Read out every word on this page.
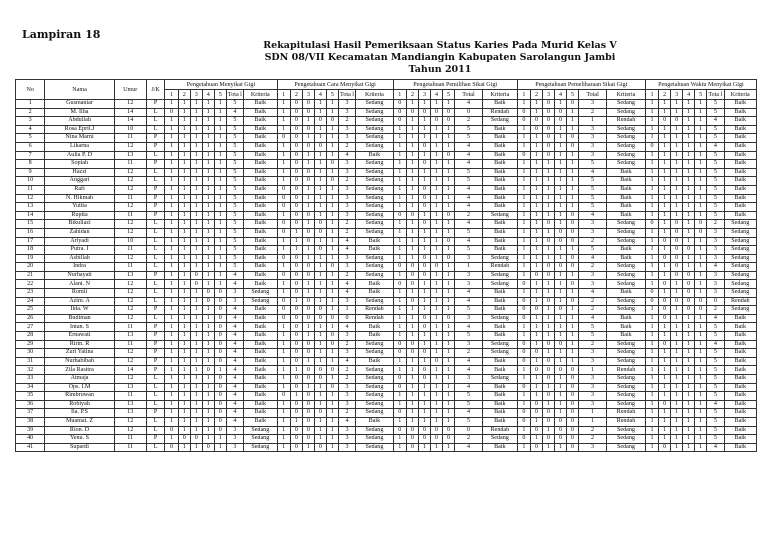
Lampiran 18
Rekapitulasi Hasil Pemeriksaan Status Karies Pada Murid Kelas V
SDN 08/VII Kecamatan Mandiangin Kabupaten Sarolangun Jambi
Tahun 2011
No	Nama	Umur	J/K	Pengetahuan Menyikat Gigi							Pengetahuan Cara Menyikat Gigi							Pengetahuan Pemilihan Sikat Gigi							Pengetahuan Pemeliharaan Sikat Gigi							Pengetahuan Waktu Menyikat Gigi						
				1	2	3	4	5	Tota l	Kriteria	1	2	3	4	5	Tota l	Kriteria	1	2	3	4	5	Total	Kriteria	1	2	3	4	5	Total	Kriteria	1	2	3	4	5	Tota l	Kriteria
1	Gusmaniar	12	P	1	1	1	1	1	5	Baik	1	0	0	1	1	3	Sedang	0	1	1	1	1	4	Baik	1	1	0	1	0	3	Sedang	1	1	1	1	1	5	Baik
2	M. Ilha	14	L	0	1	1	1	1	4	Baik	1	0	0	1	1	3	Sedang	0	0	0	0	0	0	Rendah	0	1	0	0	1	2	Sedang	1	1	1	1	1	5	Baik
3	Abdullah	14	L	1	1	1	1	1	5	Baik	1	0	1	0	0	2	Sedang	0	1	1	0	0	2	Sedang	0	0	0	0	1	1	Rendah	1	0	0	1	1	4	Baik
4	Rosa Epril.J	10	L	1	1	1	1	1	5	Baik	1	0	0	1	1	3	Sedang	1	1	1	1	1	5	Baik	1	0	0	1	1	3	Sedang	1	1	1	1	1	5	Baik
5	Nina Marni	11	P	1	1	1	1	1	5	Baik	0	0	1	1	1	3	Sedang	1	1	1	1	1	5	Baik	1	1	0	1	0	3	Sedang	1	1	1	1	1	5	Baik
6	Likarna	12	P	1	1	1	1	1	5	Baik	1	0	0	0	1	2	Sedang	1	1	0	1	1	4	Baik	1	1	0	1	0	3	Sedang	0	1	1	1	1	4	Baik
7	Aulia P. D	13	L	1	1	1	1	1	5	Baik	1	0	1	1	1	4	Baik	1	1	1	1	0	4	Baik	0	1	0	1	1	3	Sedang	1	1	1	1	1	5	Baik
8	Sopiah	11	P	1	1	1	1	1	5	Baik	1	0	1	1	0	3	Sedang	1	1	0	1	1	4	Baik	1	1	1	1	1	5	Sedang	1	1	1	1	1	5	Baik
9	Hazzi	12	L	1	1	1	1	1	5	Baik	1	0	0	1	1	3	Sedang	1	1	1	1	1	5	Baik	1	1	1	1	1	4	Baik	1	1	1	1	1	5	Baik
10	Anggari	12	L	1	1	1	1	1	5	Baik	1	0	0	1	0	2	Sedang	1	1	1	1	1	5	Baik	1	1	1	1	1	5	Baik	1	1	1	1	1	5	Baik
11	Rafi	12	P	1	1	1	1	1	5	Baik	0	0	1	1	1	3	Sedang	1	1	0	1	1	4	Baik	1	1	1	1	1	5	Baik	1	1	1	1	1	5	Baik
12	N. Hikmah	11	P	1	1	1	1	1	5	Baik	0	0	1	1	1	3	Sedang	1	1	0	1	1	4	Baik	1	1	1	1	1	5	Baik	1	1	1	1	1	5	Baik
13	Yulita	12	P	1	1	1	1	1	5	Baik	0	0	1	1	1	3	Sedang	1	1	0	1	1	4	Baik	1	1	1	1	1	5	Baik	1	1	1	1	1	5	Baik
14	Rupita	11	P	1	1	1	1	1	5	Baik	1	0	0	1	1	3	Sedang	0	0	1	1	0	2	Sedang	1	1	1	1	0	4	Baik	1	1	1	1	1	5	Baik
15	Bikullazi	12	L	1	1	1	1	1	5	Baik	0	0	1	0	1	2	Sedang	1	1	0	1	1	4	Baik	1	1	0	1	0	3	Sedang	0	1	0	1	0	2	Sedang
16	Zahidan	12	L	1	1	1	1	1	5	Baik	0	1	0	0	1	2	Sedang	1	1	1	1	1	5	Baik	1	1	1	0	0	3	Sedang	1	1	0	1	0	3	Sedang
17	Ariyadi	10	L	1	1	1	1	1	5	Baik	1	1	0	1	1	4	Baik	1	1	1	1	0	4	Baik	1	1	0	0	0	2	Sedang	1	0	0	1	1	3	Sedang
18	Putra. I	11	L	1	1	1	1	1	5	Baik	1	1	1	0	1	4	Baik	1	1	1	1	1	5	Baik	1	1	1	1	1	5	Baik	1	1	0	0	1	3	Sedang
19	Asbillah	12	L	1	1	1	1	1	5	Baik	0	0	1	1	1	3	Sedang	1	1	0	1	0	3	Sedang	1	1	1	1	0	4	Baik	1	0	0	1	1	3	Sedang
20	Indra	11	L	1	1	1	1	1	5	Baik	1	0	0	1	0	3	Sedang	0	0	0	0	1	1	Rendah	1	1	0	0	0	2	Sedang	1	1	0	1	1	4	Sedang
21	Nurhayati	13	P	1	1	0	1	1	4	Baik	0	0	0	1	1	2	Sedang	1	0	0	1	1	3	Sedang	1	0	0	1	1	3	Sedang	1	1	0	0	1	3	Sedang
22	Alani. N	12	L	1	1	0	1	1	4	Baik	1	0	1	1	1	4	Baik	0	0	1	1	1	3	Sedang	0	1	1	1	0	3	Sedang	1	0	1	0	1	3	Sedang
23	Romli	12	L	1	1	1	0	0	3	Sedang	1	0	1	1	1	4	Baik	1	1	1	1	1	4	Baik	1	1	1	1	1	4	Baik	0	1	1	0	1	3	Sedang
24	Azim. A	12	L	1	1	1	0	0	3	Sedang	0	1	0	1	1	3	Sedang	1	0	1	1	1	4	Baik	0	1	0	1	0	2	Sedang	0	0	0	0	0	0	Rendah
25	Ilda. W	12	P	1	1	1	1	0	4	Baik	0	0	0	0	1	1	Rendah	1	1	1	1	1	5	Baik	0	0	1	0	1	2	Sedang	1	0	1	0	0	2	Sedang
26	Budiman	12	L	1	1	1	1	0	4	Baik	0	0	0	0	0	0	Rendah	1	1	0	1	0	3	Sedang	0	1	1	1	1	4	Baik	1	0	1	1	1	4	Baik
27	Intan. S	11	P	1	1	1	1	0	4	Baik	1	0	1	1	1	4	Baik	1	1	0	1	1	4	Baik	1	1	1	1	1	5	Baik	1	1	1	1	1	5	Baik
28	Ernawati	13	P	1	1	1	1	0	4	Baik	1	0	1	1	0	3	Baik	1	1	1	1	1	5	Baik	1	1	1	1	1	5	Baik	1	1	1	1	1	5	Baik
29	Ririn. R	11	P	1	1	1	1	0	4	Baik	1	0	0	1	0	2	Sedang	0	0	1	1	1	3	Sedang	0	1	0	0	1	2	Sedang	1	0	1	1	1	4	Baik
30	Zuri Yatina	12	P	1	1	1	1	0	4	Baik	1	0	0	1	1	3	Sedang	0	0	0	1	1	2	Sedang	0	0	1	1	1	3	Sedang	1	1	1	1	1	5	Baik
31	Nurhabibah	12	P	1	1	1	1	0	4	Baik	1	0	1	1	1	4	Baik	1	1	1	0	1	4	Baik	0	1	0	1	1	3	Sedang	1	1	1	1	1	5	Baik
32	Zila Rasitra	14	P	1	1	1	0	1	4	Baik	1	1	0	0	0	2	Sedang	1	1	0	1	1	4	Baik	1	0	0	0	0	1	Rendah	1	1	1	1	1	5	Baik
33	Atmaja	12	L	1	1	1	1	0	4	Baik	1	0	0	0	1	2	Sedang	0	1	0	1	1	3	Sedang	1	1	0	1	0	3	Sedang	1	1	1	1	1	5	Baik
34	Ops. I.M	13	L	1	1	1	1	0	4	Baik	1	0	1	1	0	3	Sedang	0	1	1	1	1	4	Baik	0	1	1	1	0	3	Sedang	1	1	1	1	1	5	Baik
35	Rimbruwan	11	L	1	1	1	1	0	4	Baik	0	1	0	1	1	3	Sedang	1	1	1	1	1	5	Baik	1	1	0	1	0	3	Sedang	1	1	1	1	1	5	Baik
36	Robiyah	13	L	1	1	1	1	0	4	Baik	1	0	0	1	1	3	Sedang	1	1	1	1	1	5	Baik	1	0	1	1	0	3	Sedang	1	0	1	1	1	4	Baik
37	Ila. P.S	13	P	1	1	1	1	0	4	Baik	1	0	0	0	1	2	Sedang	0	1	1	1	1	4	Baik	0	0	0	1	0	1	Rendah	1	1	1	1	1	5	Baik
38	Muamat. Z	12	L	1	1	1	1	0	4	Baik	1	1	0	1	1	4	Baik	1	1	1	1	1	5	Baik	0	1	0	0	0	1	Rendah	1	1	1	1	1	5	Baik
39	Rion. D	12	L	0	1	1	1	0	3	Sedang	1	0	0	1	1	3	Sedang	0	0	0	0	0	0	Rendah	1	0	1	0	0	2	Sedang	1	1	1	1	1	5	Baik
40	Yenu. S	11	P	1	0	0	1	1	3	Sedang	1	0	0	1	1	3	Sedang	1	0	0	0	0	2	Sedang	0	1	0	0	0	2	Sedang	1	1	1	1	1	5	Baik
41	Supardi	11	L	0	1	1	0	1	3	Sedang	1	0	1	0	1	3	Sedang	1	0	1	1	1	4	Baik	1	0	1	1	0	3	Sedang	1	0	1	1	1	4	Baik
